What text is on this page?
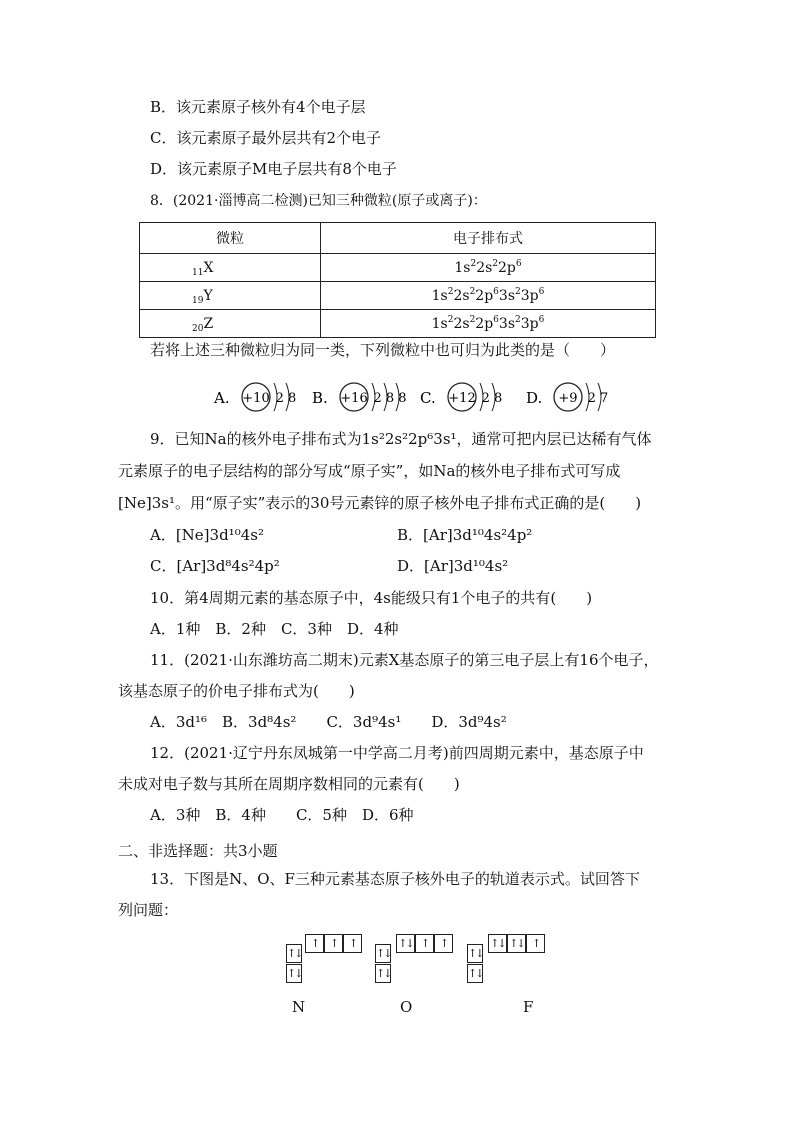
B．该元素原子核外有4个电子层
C．该元素原子最外层共有2个电子
D．该元素原子M电子层共有8个电子
8．(2021·淄博高二检测)已知三种微粒(原子或离子)：
微粒	电子排布式
$_{11}$X	$1s^22s^22p^6$
$_{19}$Y	$1s^22s^22p^63s^23p^6$
$_{20}$Z	$1s^22s^22p^63s^23p^6$
若将上述三种微粒归为同一类，下列微粒中也可归为此类的是（　　）
A. +10 2 8 B. +16 2 8 8 C. +12 2 8 D. +9 2 7
9．已知Na的核外电子排布式为1s²2s²2p⁶3s¹，通常可把内层已达稀有气体
元素原子的电子层结构的部分写成“原子实”，如Na的核外电子排布式可写成
[Ne]3s¹。用“原子实”表示的30号元素锌的原子核外电子排布式正确的是(　　)
A．[Ne]3d¹⁰4s²	B．[Ar]3d¹⁰4s²4p²
C．[Ar]3d⁸4s²4p²	D．[Ar]3d¹⁰4s²
10．第4周期元素的基态原子中，4s能级只有1个电子的共有(　　)
A．1种　B．2种　C．3种　D．4种
11．(2021·山东潍坊高二期末)元素X基态原子的第三电子层上有16个电子，
该基态原子的价电子排布式为(　　)
A．3d¹⁶　B．3d⁸4s²　　C．3d⁹4s¹　　D．3d⁹4s²
12．(2021·辽宁丹东凤城第一中学高二月考)前四周期元素中，基态原子中
未成对电子数与其所在周期序数相同的元素有(　　)
A．3种　B．4种　　C．5种　D．6种
二、非选择题：共3小题
13．下图是N、O、F三种元素基态原子核外电子的轨道表示式。试回答下
列问题：
↑↓
↑↓
↑	↑	↑
↑↓
↑↓
↑↓ ↑	↑
↑↓
↑↓
↑↓ ↑↓ ↑
N	O	F
